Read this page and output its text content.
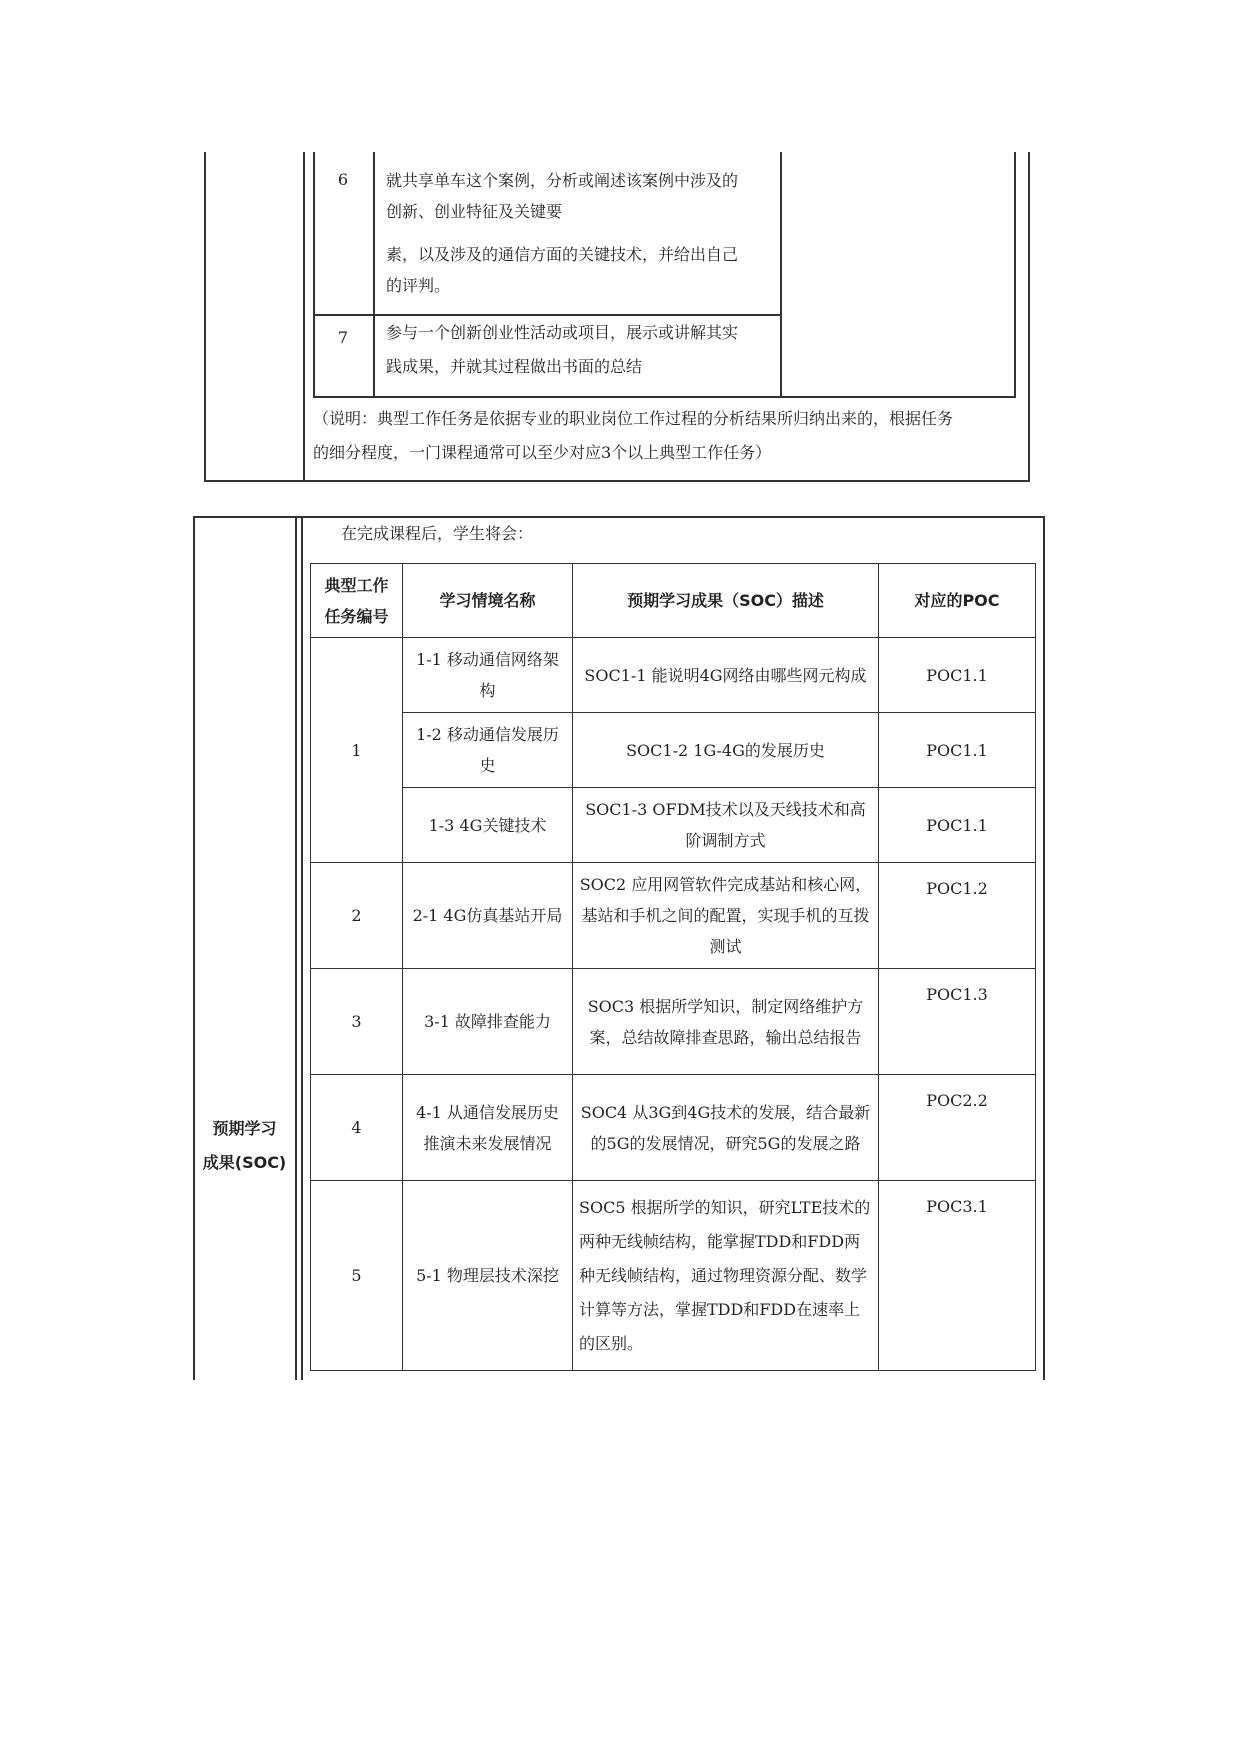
6	就共享单车这个案例，分析或阐述该案例中涉及的
创新、创业特征及关键要
素，以及涉及的通信方面的关键技术，并给出自己
的评判。
7	参与一个创新创业性活动或项目，展示或讲解其实
践成果，并就其过程做出书面的总结
（说明：典型工作任务是依据专业的职业岗位工作过程的分析结果所归纳出来的，根据任务
的细分程度，一门课程通常可以至少对应3个以上典型工作任务）
预期学习
成果(SOC)
在完成课程后，学生将会：
典型工作
任务编号	学习情境名称	预期学习成果（SOC）描述	对应的POC
1	1-1 移动通信网络架构	SOC1-1 能说明4G网络由哪些网元构成	POC1.1
	1-2 移动通信发展历史	SOC1-2 1G-4G的发展历史	POC1.1
	1-3 4G关键技术	SOC1-3 OFDM技术以及天线技术和高阶调制方式	POC1.1
2	2-1 4G仿真基站开局	SOC2 应用网管软件完成基站和核心网，基站和手机之间的配置，实现手机的互拨测试	POC1.2
3	3-1 故障排查能力	SOC3 根据所学知识，制定网络维护方案，总结故障排查思路，输出总结报告	POC1.3
4	4-1 从通信发展历史推演未来发展情况	SOC4 从3G到4G技术的发展，结合最新的5G的发展情况，研究5G的发展之路	POC2.2
5	5-1 物理层技术深挖	SOC5 根据所学的知识，研究LTE技术的两种无线帧结构，能掌握TDD和FDD两种无线帧结构，通过物理资源分配、数学计算等方法，掌握TDD和FDD在速率上的区别。	POC3.1
